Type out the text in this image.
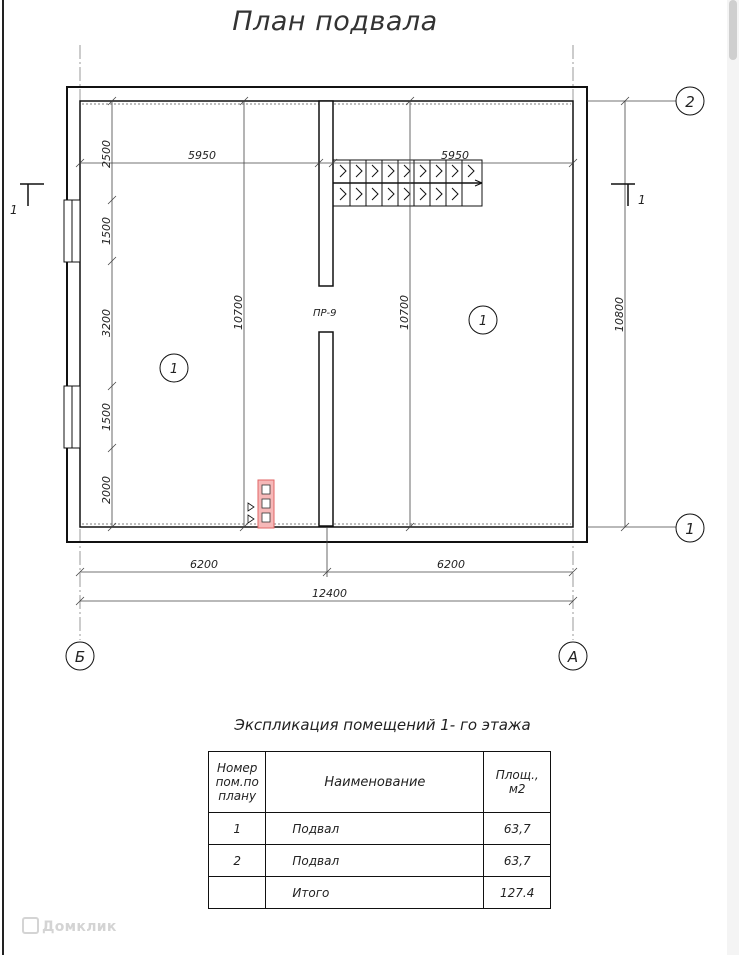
План подвала
ПР-9
5950	5950
2500
1500
3200
1500
2000
10700	10700	10800
1
1
1
1
2
1
Б	А
6200	6200
12400
Экспликация помещений 1- го этажа
Номер пом.по плану	Наименование	Площ.,
м2
1	Подвал	63,7
2	Подвал	63,7
	Итого	127.4
Домклик
